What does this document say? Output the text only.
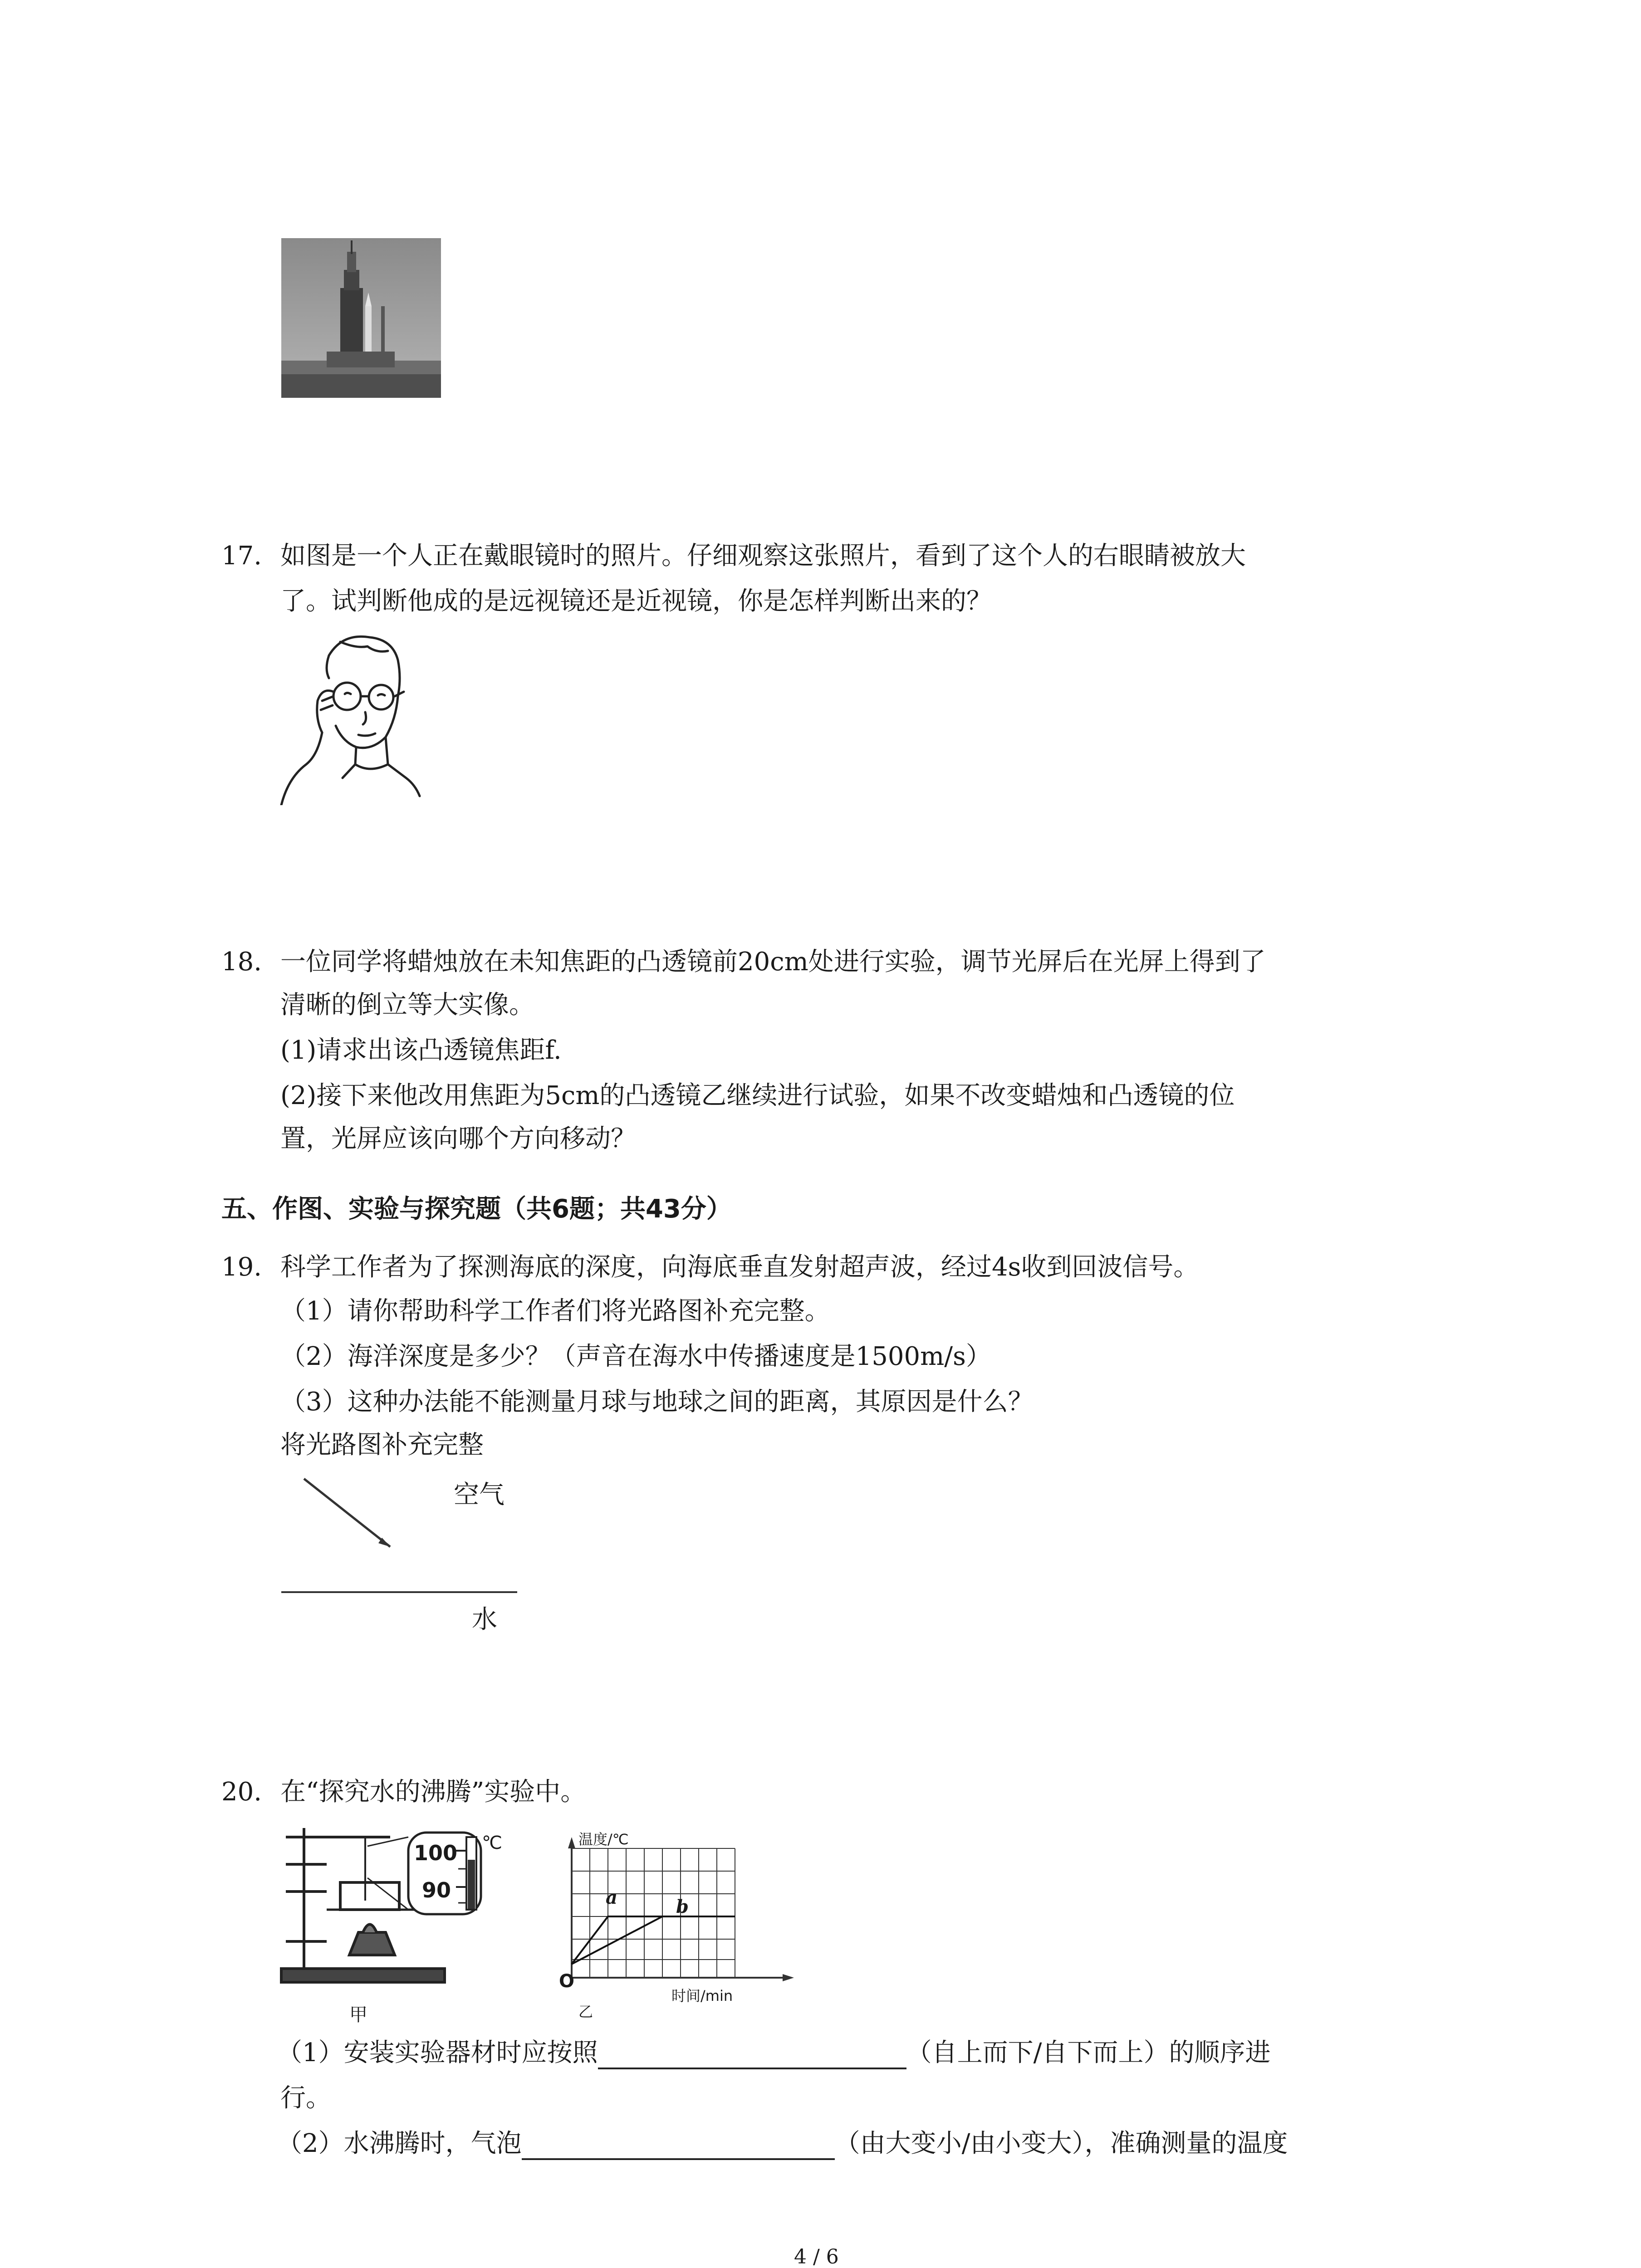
17. 如图是一个人正在戴眼镜时的照片。仔细观察这张照片，看到了这个人的右眼睛被放大
了。试判断他成的是远视镜还是近视镜，你是怎样判断出来的？
18. 一位同学将蜡烛放在未知焦距的凸透镜前20cm处进行实验，调节光屏后在光屏上得到了
清晰的倒立等大实像。
(1)请求出该凸透镜焦距f.
(2)接下来他改用焦距为5cm的凸透镜乙继续进行试验，如果不改变蜡烛和凸透镜的位
置，光屏应该向哪个方向移动？
五、作图、实验与探究题（共6题；共43分）
19. 科学工作者为了探测海底的深度，向海底垂直发射超声波，经过4s收到回波信号。
（1）请你帮助科学工作者们将光路图补充完整。
（2）海洋深度是多少？（声音在海水中传播速度是1500m/s）
（3）这种办法能不能测量月球与地球之间的距离，其原因是什么？
将光路图补充完整
空气
水
20. 在“探究水的沸腾”实验中。
100
90
℃
甲
温度/℃
时间/min
O
a	b
乙
（1）安装实验器材时应按照	（自上而下/自下而上）的顺序进
行。
（2）水沸腾时，气泡	（由大变小/由小变大），准确测量的温度
4 / 6
